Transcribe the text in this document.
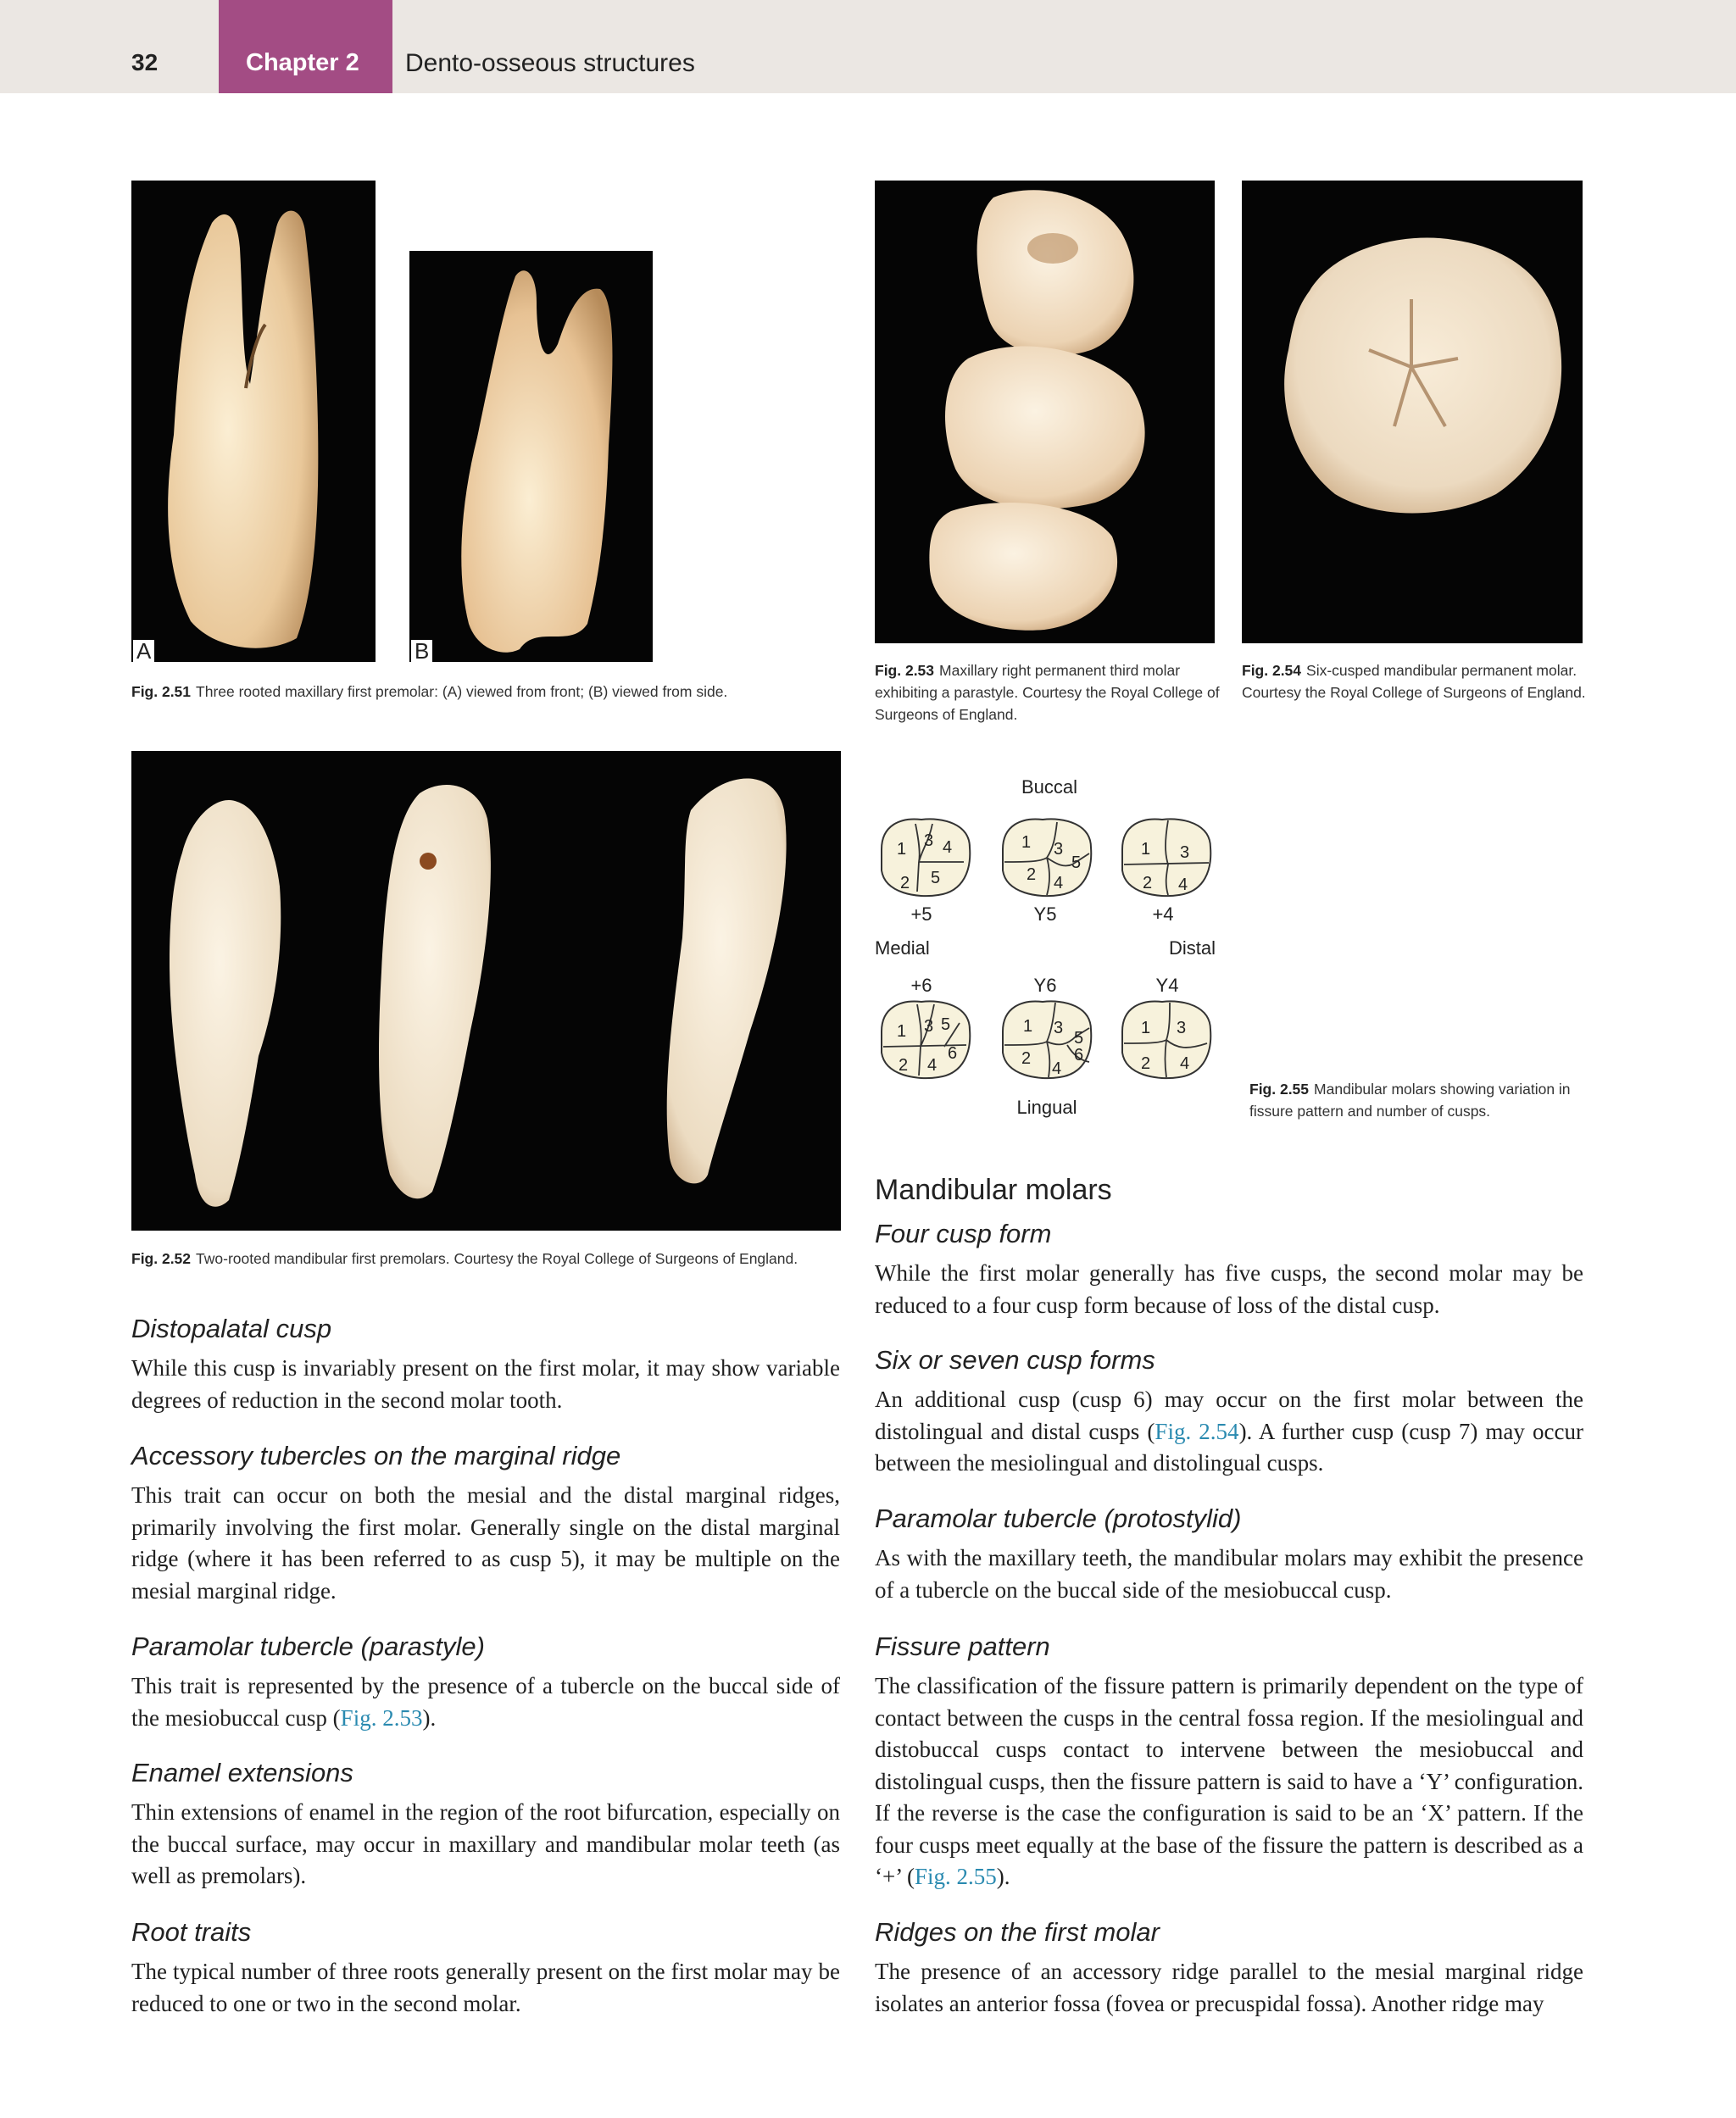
32	Chapter 2 Dento-osseous structures
A	B
Fig. 2.51 Three rooted maxillary first premolar: (A) viewed from front; (B) viewed from side.
Fig. 2.53 Maxillary right permanent third molar exhibiting a parastyle. Courtesy the Royal College of Surgeons of England.
Fig. 2.54 Six-cusped mandibular permanent molar. Courtesy the Royal College of Surgeons of England.
Fig. 2.52 Two-rooted mandibular first premolars. Courtesy the Royal College of Surgeons of England.
Buccal
1 3 4
2 5
1 3
5
2 4
1 3
2 4
+5	Y5	+4
Medial	Distal
+6	Y6	Y4
1 3 5
6
2 4
1 3
5
6
2
4
1 3
2 4
Lingual
Fig. 2.55 Mandibular molars showing variation in fissure pattern and number of cusps.
Distopalatal cusp
While this cusp is invariably present on the first molar, it may show variable degrees of reduction in the second molar tooth.
Accessory tubercles on the marginal ridge
This trait can occur on both the mesial and the distal marginal ridges, primarily involving the first molar. Generally single on the distal marginal ridge (where it has been referred to as cusp 5), it may be multiple on the mesial marginal ridge.
Paramolar tubercle (parastyle)
This trait is represented by the presence of a tubercle on the buccal side of the mesiobuccal cusp (Fig. 2.53).
Enamel extensions
Thin extensions of enamel in the region of the root bifurcation, especially on the buccal surface, may occur in maxillary and mandibular molar teeth (as well as premolars).
Root traits
The typical number of three roots generally present on the first molar may be reduced to one or two in the second molar.
Mandibular molars
Four cusp form
While the first molar generally has five cusps, the second molar may be reduced to a four cusp form because of loss of the distal cusp.
Six or seven cusp forms
An additional cusp (cusp 6) may occur on the first molar between the distolingual and distal cusps (Fig. 2.54). A further cusp (cusp 7) may occur between the mesiolingual and distolingual cusps.
Paramolar tubercle (protostylid)
As with the maxillary teeth, the mandibular molars may exhibit the presence of a tubercle on the buccal side of the mesiobuccal cusp.
Fissure pattern
The classification of the fissure pattern is primarily dependent on the type of contact between the cusps in the central fossa region. If the mesiolingual and distobuccal cusps contact to intervene between the mesiobuccal and distolingual cusps, then the fissure pattern is said to have a ‘Y’ configuration. If the reverse is the case the configuration is said to be an ‘X’ pattern. If the four cusps meet equally at the base of the fissure the pattern is described as a ‘+’ (Fig. 2.55).
Ridges on the first molar
The presence of an accessory ridge parallel to the mesial marginal ridge isolates an anterior fossa (fovea or precuspidal fossa). Another ridge may
